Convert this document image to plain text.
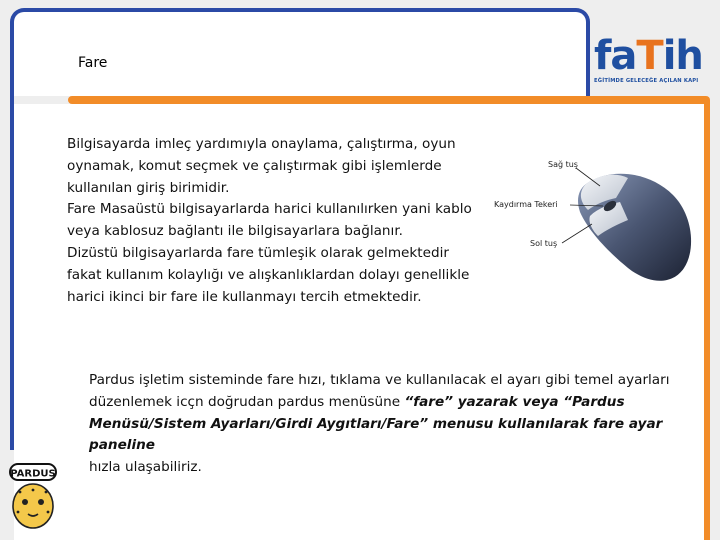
Fare	faTih
EĞİTİMDE GELECEĞE AÇILAN KAPI

Bilgisayarda imleç yardımıyla onaylama, çalıştırma, oyun oynamak, komut seçmek ve çalıştırmak gibi işlemlerde kullanılan giriş birimidir.

Fare Masaüstü bilgisayarlarda harici kullanılırken yani kablo veya kablosuz bağlantı ile bilgisayarlara bağlanır.

Dizüstü bilgisayarlarda fare tümleşik olarak gelmektedir fakat kullanım kolaylığı ve alışkanlıklardan dolayı genellikle harici ikinci bir fare ile kullanmayı tercih etmektedir.

Sağ tuş
Kaydırma Tekeri
Sol tuş

Pardus işletim sisteminde fare hızı, tıklama ve kullanılacak el ayarı gibi temel ayarları düzenlemek icçn doğrudan pardus menüsüne “fare” yazarak veya “Pardus Menüsü/Sistem Ayarları/Girdi Aygıtları/Fare” menusu kullanılarak fare ayar paneline

hızla ulaşabiliriz.

PARDUS
